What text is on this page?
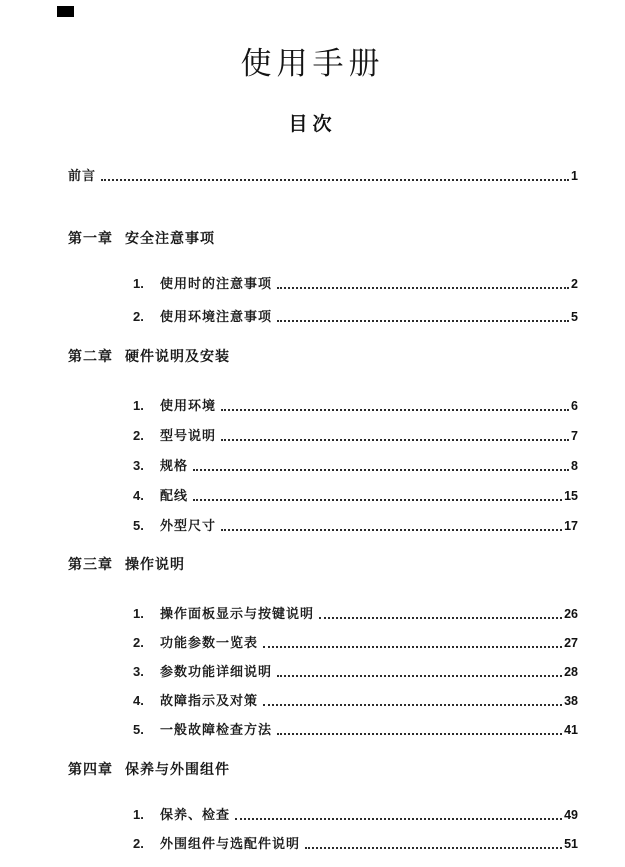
使用手册
目次
前言	1
第一章 安全注意事项
1.	使用时的注意事项	2
2.	使用环境注意事项	5
第二章 硬件说明及安装
1.	使用环境	6
2.	型号说明	7
3.	规格	8
4.	配线	15
5.	外型尺寸	17
第三章 操作说明
1.	操作面板显示与按键说明	26
2.	功能参数一览表	27
3.	参数功能详细说明	28
4.	故障指示及对策	38
5.	一般故障检查方法	41
第四章 保养与外围组件
1.	保养、检查	49
2.	外围组件与选配件说明	51
